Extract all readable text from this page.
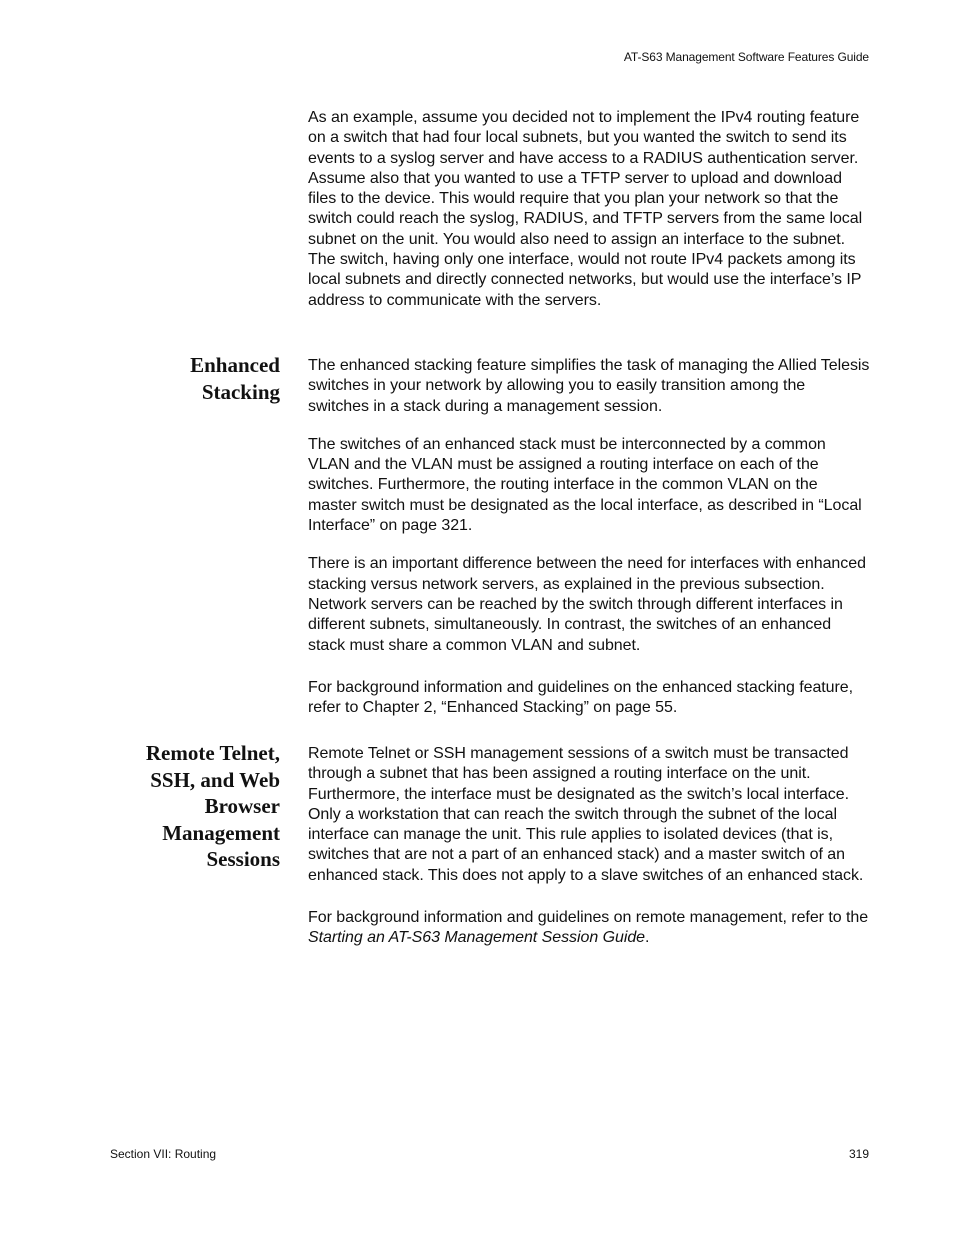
AT-S63 Management Software Features Guide

As an example, assume you decided not to implement the IPv4 routing feature on a switch that had four local subnets, but you wanted the switch to send its events to a syslog server and have access to a RADIUS authentication server. Assume also that you wanted to use a TFTP server to upload and download files to the device. This would require that you plan your network so that the switch could reach the syslog, RADIUS, and TFTP servers from the same local subnet on the unit. You would also need to assign an interface to the subnet. The switch, having only one interface, would not route IPv4 packets among its local subnets and directly connected networks, but would use the interface’s IP address to communicate with the servers.

Enhanced
Stacking

The enhanced stacking feature simplifies the task of managing the Allied Telesis switches in your network by allowing you to easily transition among the switches in a stack during a management session.

The switches of an enhanced stack must be interconnected by a common VLAN and the VLAN must be assigned a routing interface on each of the switches. Furthermore, the routing interface in the common VLAN on the master switch must be designated as the local interface, as described in “Local Interface” on page 321.

There is an important difference between the need for interfaces with enhanced stacking versus network servers, as explained in the previous subsection. Network servers can be reached by the switch through different interfaces in different subnets, simultaneously. In contrast, the switches of an enhanced stack must share a common VLAN and subnet.

For background information and guidelines on the enhanced stacking feature, refer to Chapter 2, “Enhanced Stacking” on page 55.

Remote Telnet,
SSH, and Web
Browser
Management
Sessions

Remote Telnet or SSH management sessions of a switch must be transacted through a subnet that has been assigned a routing interface on the unit. Furthermore, the interface must be designated as the switch’s local interface. Only a workstation that can reach the switch through the subnet of the local interface can manage the unit. This rule applies to isolated devices (that is, switches that are not a part of an enhanced stack) and a master switch of an enhanced stack. This does not apply to a slave switches of an enhanced stack.

For background information and guidelines on remote management, refer to the Starting an AT-S63 Management Session Guide.

Section VII: Routing	319
